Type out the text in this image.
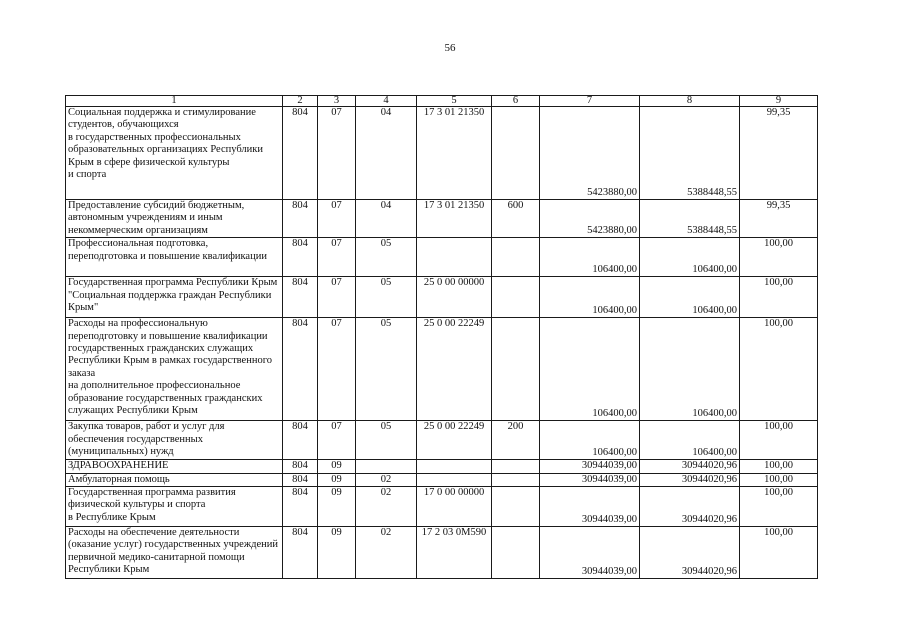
56
1	2	3	4	5	6	7	8	9
Социальная поддержка и стимулирование студентов, обучающихся
в государственных профессиональных образовательных организациях Республики Крым в сфере физической культуры
и спорта	804	07	04	17 3 01 21350		5423880,00	5388448,55	99,35
Предоставление субсидий бюджетным, автономным учреждениям и иным некоммерческим организациям	804	07	04	17 3 01 21350	600	5423880,00	5388448,55	99,35
Профессиональная подготовка, переподготовка и повышение квалификации	804	07	05			106400,00	106400,00	100,00
Государственная программа Республики Крым "Социальная поддержка граждан Республики Крым"	804	07	05	25 0 00 00000		106400,00	106400,00	100,00
Расходы на профессиональную переподготовку и повышение квалификации государственных гражданских служащих Республики Крым в рамках государственного заказа
на дополнительное профессиональное образование государственных гражданских служащих Республики Крым	804	07	05	25 0 00 22249		106400,00	106400,00	100,00
Закупка товаров, работ и услуг для обеспечения государственных (муниципальных) нужд	804	07	05	25 0 00 22249	200	106400,00	106400,00	100,00
ЗДРАВООХРАНЕНИЕ	804	09				30944039,00	30944020,96	100,00
Амбулаторная помощь	804	09	02			30944039,00	30944020,96	100,00
Государственная программа развития физической культуры и спорта
в Республике Крым	804	09	02	17 0 00 00000		30944039,00	30944020,96	100,00
Расходы на обеспечение деятельности (оказание услуг) государственных учреждений первичной медико-санитарной помощи Республики Крым	804	09	02	17 2 03 0М590		30944039,00	30944020,96	100,00
